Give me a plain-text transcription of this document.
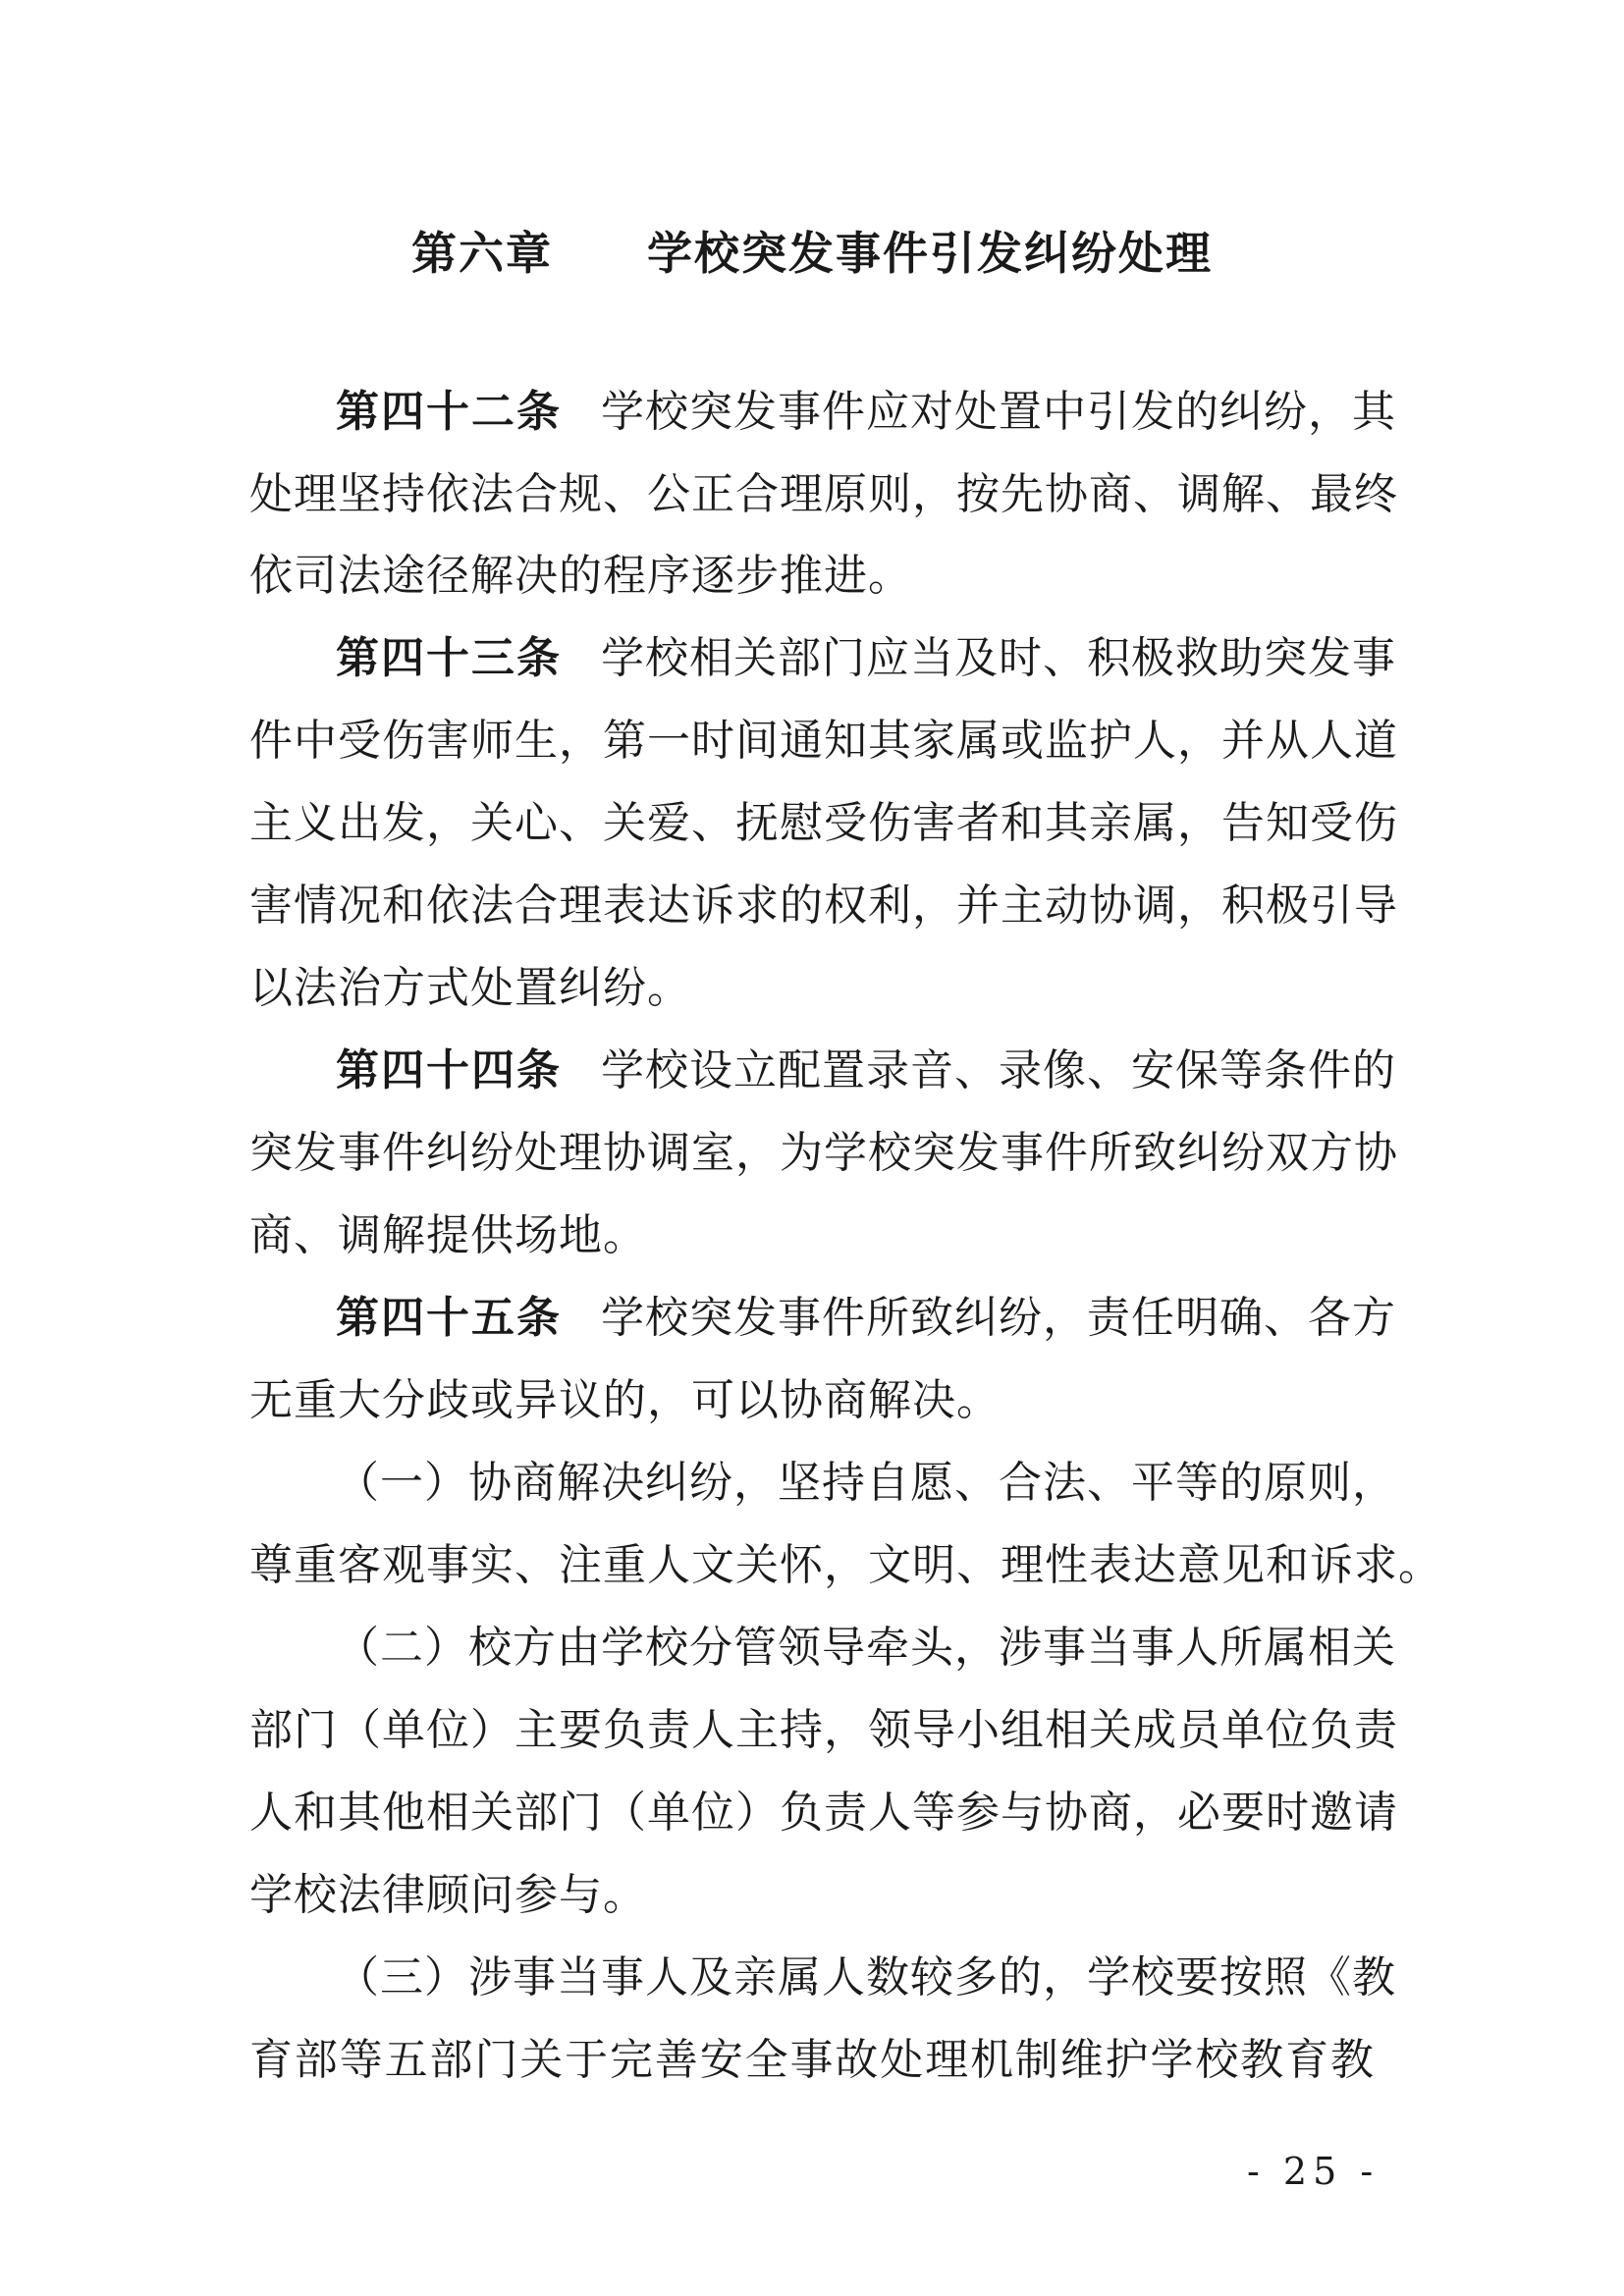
第六章　　学校突发事件引发纠纷处理
第四十二条 学校突发事件应对处置中引发的纠纷，其
处理坚持依法合规、公正合理原则，按先协商、调解、最终
依司法途径解决的程序逐步推进。
第四十三条 学校相关部门应当及时、积极救助突发事
件中受伤害师生，第一时间通知其家属或监护人，并从人道
主义出发，关心、关爱、抚慰受伤害者和其亲属，告知受伤
害情况和依法合理表达诉求的权利，并主动协调，积极引导
以法治方式处置纠纷。
第四十四条 学校设立配置录音、录像、安保等条件的
突发事件纠纷处理协调室，为学校突发事件所致纠纷双方协
商、调解提供场地。
第四十五条 学校突发事件所致纠纷，责任明确、各方
无重大分歧或异议的，可以协商解决。
（一）协商解决纠纷，坚持自愿、合法、平等的原则，
尊重客观事实、注重人文关怀，文明、理性表达意见和诉求。
（二）校方由学校分管领导牵头，涉事当事人所属相关
部门（单位）主要负责人主持，领导小组相关成员单位负责
人和其他相关部门（单位）负责人等参与协商，必要时邀请
学校法律顾问参与。
（三）涉事当事人及亲属人数较多的，学校要按照《教
育部等五部门关于完善安全事故处理机制维护学校教育教
- 25 -
